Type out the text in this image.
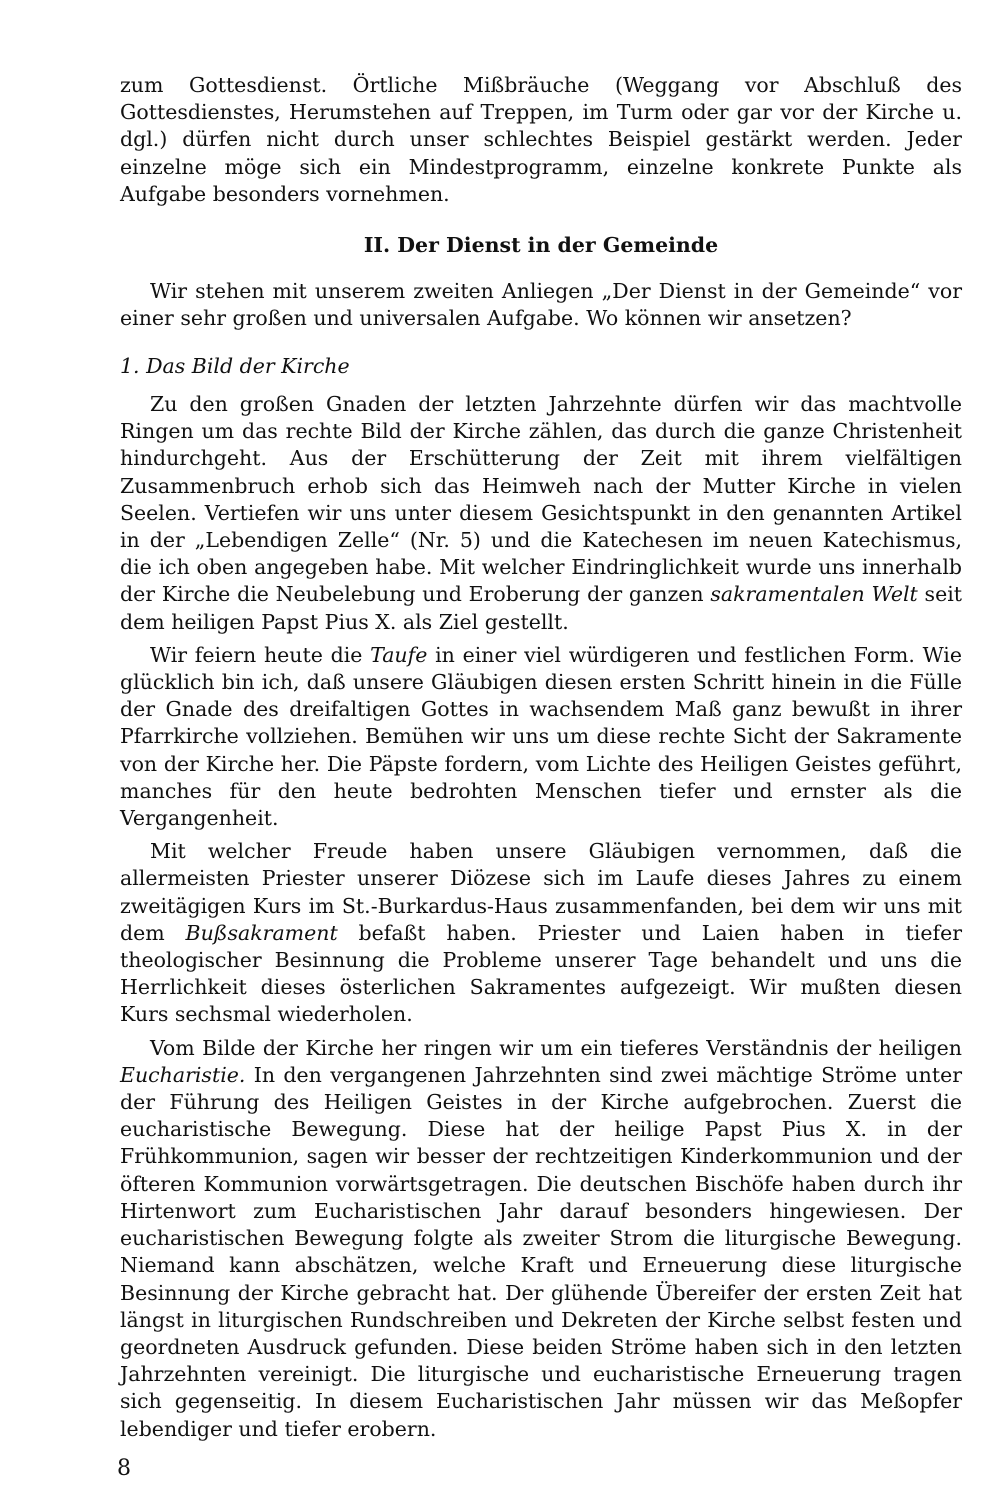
zum Gottesdienst. Örtliche Mißbräuche (Weggang vor Abschluß des Gottesdienstes, Herumstehen auf Treppen, im Turm oder gar vor der Kirche u. dgl.) dürfen nicht durch unser schlechtes Beispiel gestärkt werden. Jeder einzelne möge sich ein Mindestprogramm, einzelne konkrete Punkte als Aufgabe besonders vornehmen.

II. Der Dienst in der Gemeinde

Wir stehen mit unserem zweiten Anliegen „Der Dienst in der Gemeinde“ vor einer sehr großen und universalen Aufgabe. Wo können wir ansetzen?

1. Das Bild der Kirche

Zu den großen Gnaden der letzten Jahrzehnte dürfen wir das machtvolle Ringen um das rechte Bild der Kirche zählen, das durch die ganze Christenheit hindurchgeht. Aus der Erschütterung der Zeit mit ihrem vielfältigen Zusammenbruch erhob sich das Heimweh nach der Mutter Kirche in vielen Seelen. Vertiefen wir uns unter diesem Gesichtspunkt in den genannten Artikel in der „Lebendigen Zelle“ (Nr. 5) und die Katechesen im neuen Katechismus, die ich oben angegeben habe. Mit welcher Eindringlichkeit wurde uns innerhalb der Kirche die Neubelebung und Eroberung der ganzen sakramentalen Welt seit dem heiligen Papst Pius X. als Ziel gestellt.

Wir feiern heute die Taufe in einer viel würdigeren und festlichen Form. Wie glücklich bin ich, daß unsere Gläubigen diesen ersten Schritt hinein in die Fülle der Gnade des dreifaltigen Gottes in wachsendem Maß ganz bewußt in ihrer Pfarrkirche vollziehen. Bemühen wir uns um diese rechte Sicht der Sakramente von der Kirche her. Die Päpste fordern, vom Lichte des Heiligen Geistes geführt, manches für den heute bedrohten Menschen tiefer und ernster als die Vergangenheit.

Mit welcher Freude haben unsere Gläubigen vernommen, daß die allermeisten Priester unserer Diözese sich im Laufe dieses Jahres zu einem zweitägigen Kurs im St.-Burkardus-Haus zusammenfanden, bei dem wir uns mit dem Bußsakrament befaßt haben. Priester und Laien haben in tiefer theologischer Besinnung die Probleme unserer Tage behandelt und uns die Herrlichkeit dieses österlichen Sakramentes aufgezeigt. Wir mußten diesen Kurs sechsmal wiederholen.

Vom Bilde der Kirche her ringen wir um ein tieferes Verständnis der heiligen Eucharistie. In den vergangenen Jahrzehnten sind zwei mächtige Ströme unter der Führung des Heiligen Geistes in der Kirche aufgebrochen. Zuerst die eucharistische Bewegung. Diese hat der heilige Papst Pius X. in der Frühkommunion, sagen wir besser der rechtzeitigen Kinderkommunion und der öfteren Kommunion vorwärtsgetragen. Die deutschen Bischöfe haben durch ihr Hirtenwort zum Eucharistischen Jahr darauf besonders hingewiesen. Der eucharistischen Bewegung folgte als zweiter Strom die liturgische Bewegung. Niemand kann abschätzen, welche Kraft und Erneuerung diese liturgische Besinnung der Kirche gebracht hat. Der glühende Übereifer der ersten Zeit hat längst in liturgischen Rundschreiben und Dekreten der Kirche selbst festen und geordneten Ausdruck gefunden. Diese beiden Ströme haben sich in den letzten Jahrzehnten vereinigt. Die liturgische und eucharistische Erneuerung tragen sich gegenseitig. In diesem Eucharistischen Jahr müssen wir das Meßopfer lebendiger und tiefer erobern.

8
